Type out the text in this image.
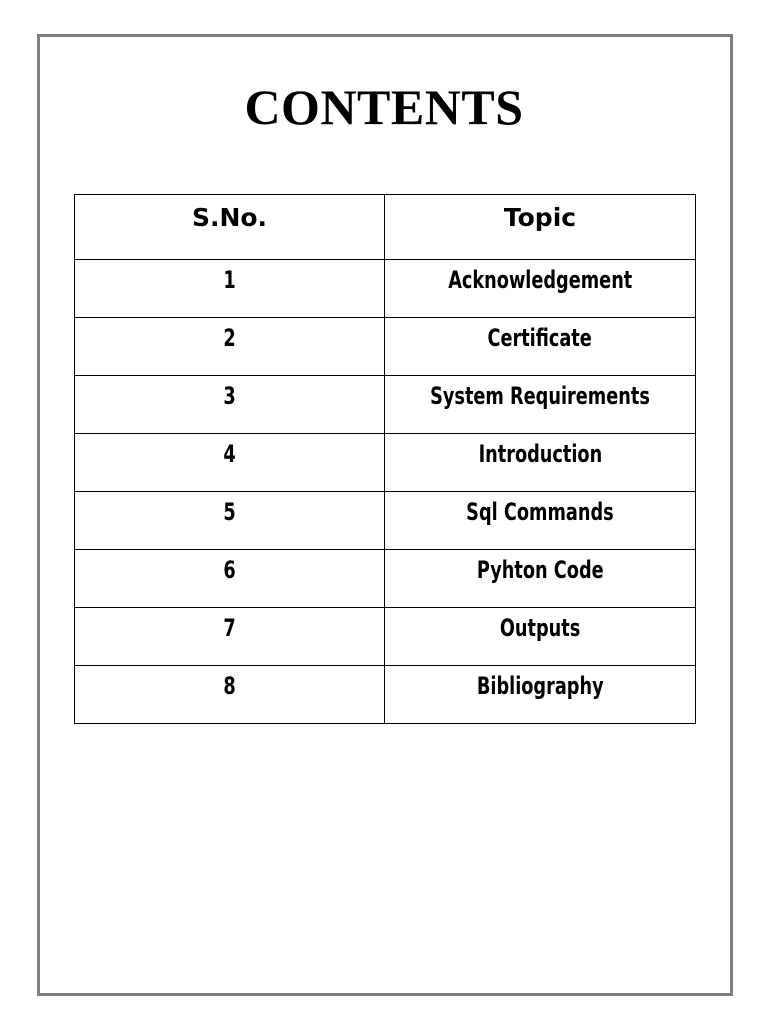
CONTENTS
S.No.	Topic
1	Acknowledgement
2	Certificate
3	System Requirements
4	Introduction
5	Sql Commands
6	Pyhton Code
7	Outputs
8	Bibliography
